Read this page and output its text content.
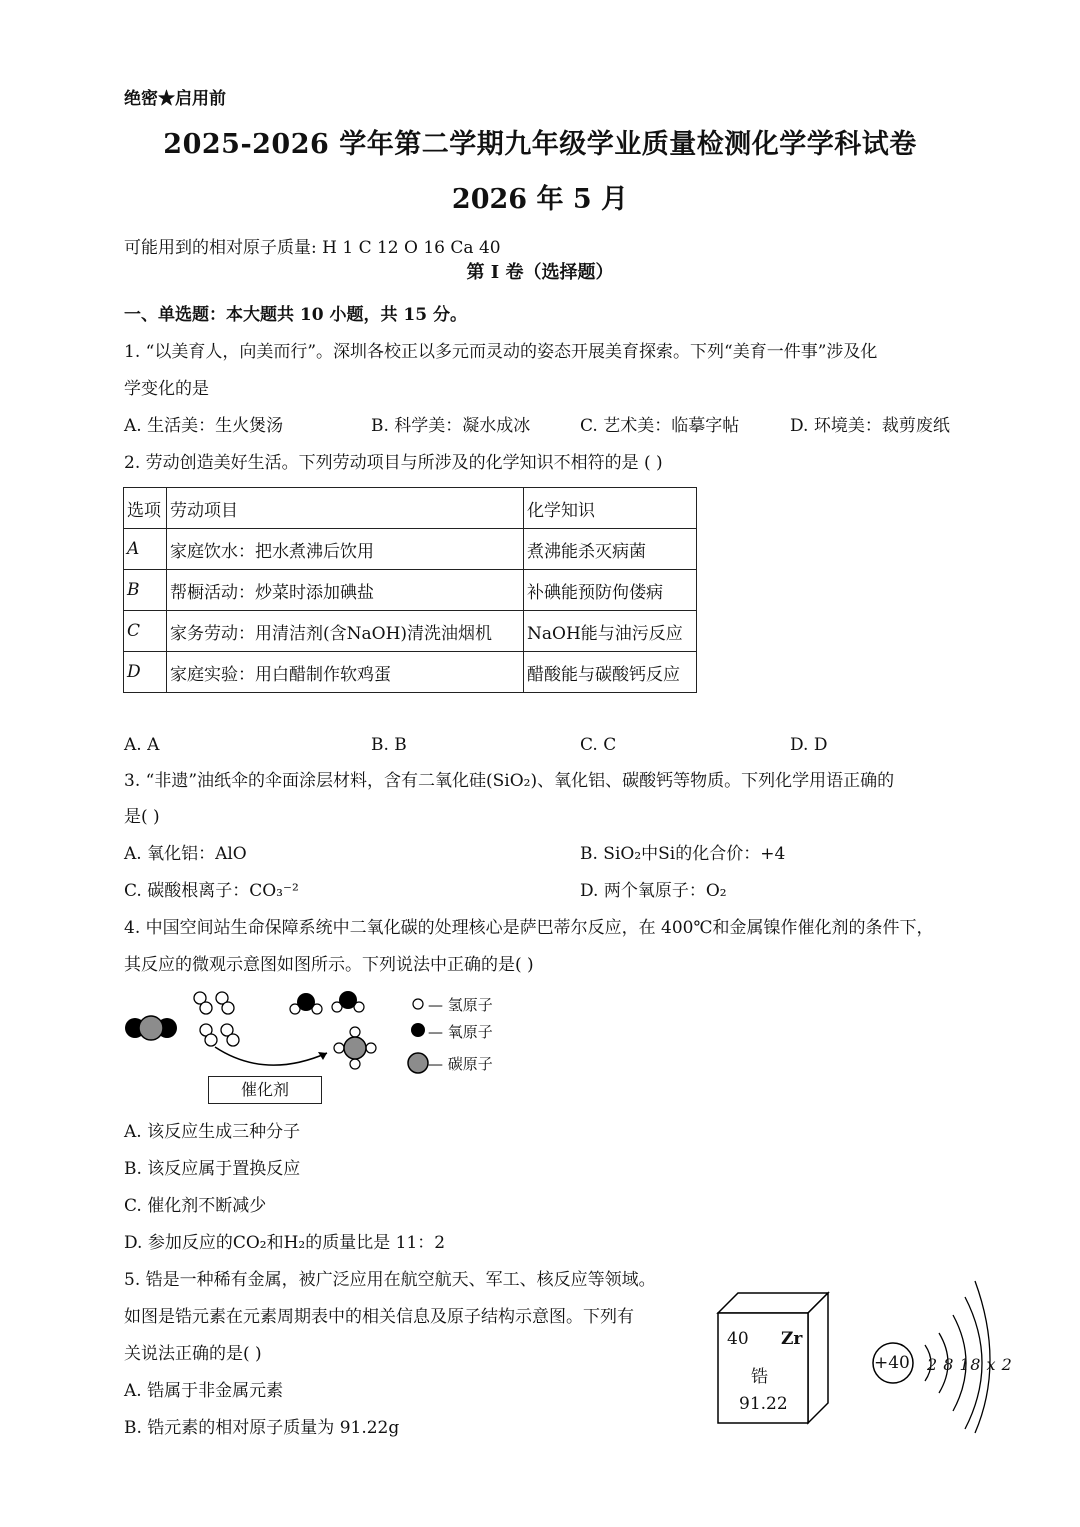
绝密★启用前
2025-2026 学年第二学期九年级学业质量检测化学学科试卷
2026 年 5 月
可能用到的相对原子质量: H 1 C 12 O 16 Ca 40
第 I 卷（选择题）
一、单选题：本大题共 10 小题，共 15 分。
1. “以美育人，向美而行”。深圳各校正以多元而灵动的姿态开展美育探索。下列“美育一件事”涉及化
学变化的是
A. 生活美：生火煲汤	B. 科学美：凝水成冰	C. 艺术美：临摹字帖	D. 环境美：裁剪废纸
2. 劳动创造美好生活。下列劳动项目与所涉及的化学知识不相符的是 ( )
选项	劳动项目	化学知识
A	家庭饮水：把水煮沸后饮用	煮沸能杀灭病菌
B	帮橱活动：炒菜时添加碘盐	补碘能预防佝偻病
C	家务劳动：用清洁剂(含NaOH)清洗油烟机	NaOH能与油污反应
D	家庭实验：用白醋制作软鸡蛋	醋酸能与碳酸钙反应
A. A	B. B	C. C	D. D
3. “非遗”油纸伞的伞面涂层材料，含有二氧化硅(SiO₂)、氧化铝、碳酸钙等物质。下列化学用语正确的
是( )
A. 氧化铝：AlO	B. SiO₂中Si的化合价：+4
C. 碳酸根离子：CO₃⁻²	D. 两个氧原子：O₂
4. 中国空间站生命保障系统中二氧化碳的处理核心是萨巴蒂尔反应，在 400℃和金属镍作催化剂的条件下，
其反应的微观示意图如图所示。下列说法中正确的是( )
— 氢原子
— 氧原子
— 碳原子
催化剂
A. 该反应生成三种分子
B. 该反应属于置换反应
C. 催化剂不断减少
D. 参加反应的CO₂和H₂的质量比是 11：2
5. 锆是一种稀有金属，被广泛应用在航空航天、军工、核反应等领域。
如图是锆元素在元素周期表中的相关信息及原子结构示意图。下列有
关说法正确的是( )
A. 锆属于非金属元素
B. 锆元素的相对原子质量为 91.22g
40 Zr
锆
91.22
+40 2 8 18 x 2
